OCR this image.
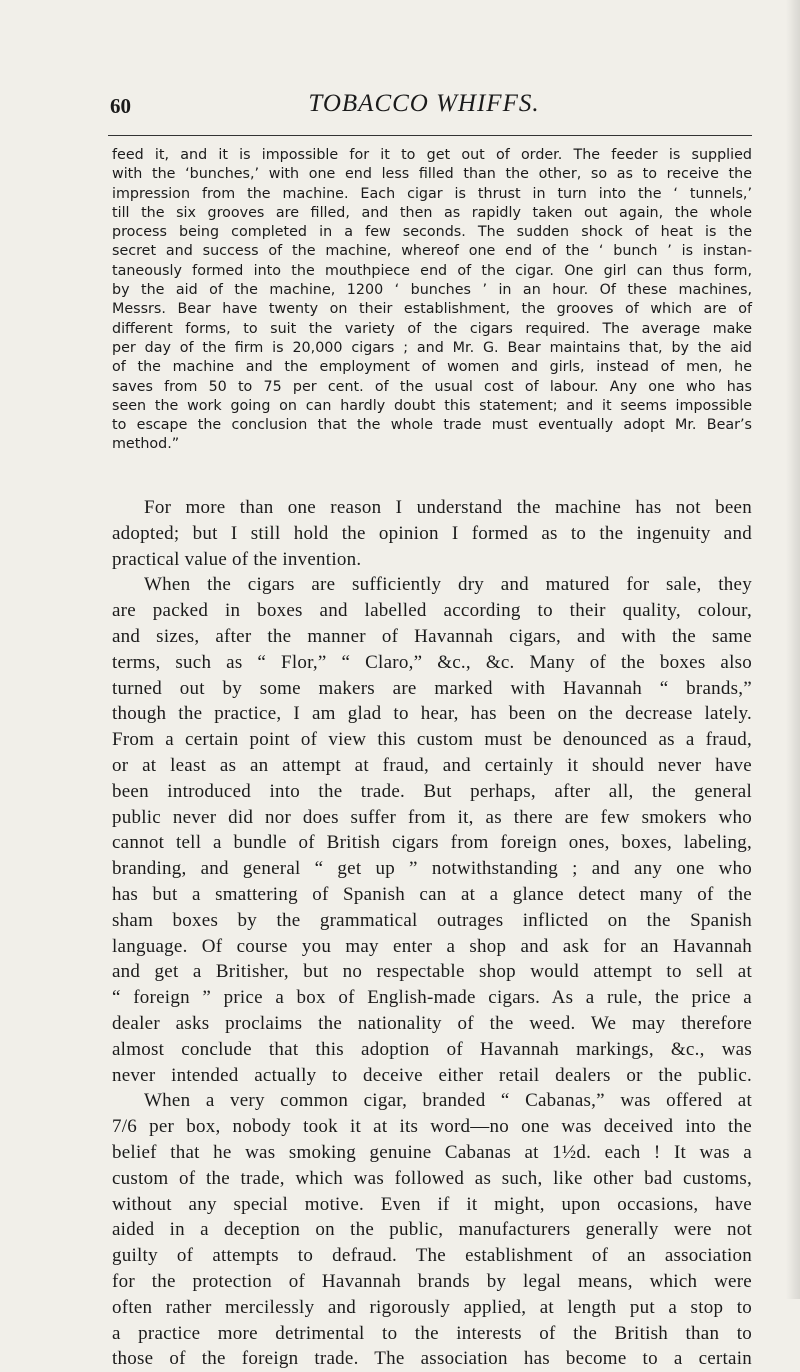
60	TOBACCO WHIFFS.
feed it, and it is impossible for it to get out of order. The feeder is supplied
with the ‘bunches,’ with one end less filled than the other, so as to receive the
impression from the machine. Each cigar is thrust in turn into the ‘ tunnels,’
till the six grooves are filled, and then as rapidly taken out again, the whole
process being completed in a few seconds. The sudden shock of heat is the
secret and success of the machine, whereof one end of the ‘ bunch ’ is instan-
taneously formed into the mouthpiece end of the cigar. One girl can thus form,
by the aid of the machine, 1200 ‘ bunches ’ in an hour. Of these machines,
Messrs. Bear have twenty on their establishment, the grooves of which are of
different forms, to suit the variety of the cigars required. The average make
per day of the firm is 20,000 cigars ; and Mr. G. Bear maintains that, by the aid
of the machine and the employment of women and girls, instead of men, he
saves from 50 to 75 per cent. of the usual cost of labour. Any one who has
seen the work going on can hardly doubt this statement; and it seems impossible
to escape the conclusion that the whole trade must eventually adopt Mr. Bear’s
method.”
For more than one reason I understand the machine has not been
adopted; but I still hold the opinion I formed as to the ingenuity and
practical value of the invention.
When the cigars are sufficiently dry and matured for sale, they
are packed in boxes and labelled according to their quality, colour,
and sizes, after the manner of Havannah cigars, and with the same
terms, such as “ Flor,” “ Claro,” &c., &c. Many of the boxes also
turned out by some makers are marked with Havannah “ brands,”
though the practice, I am glad to hear, has been on the decrease lately.
From a certain point of view this custom must be denounced as a fraud,
or at least as an attempt at fraud, and certainly it should never have
been introduced into the trade. But perhaps, after all, the general
public never did nor does suffer from it, as there are few smokers who
cannot tell a bundle of British cigars from foreign ones, boxes, labeling,
branding, and general “ get up ” notwithstanding ; and any one who
has but a smattering of Spanish can at a glance detect many of the
sham boxes by the grammatical outrages inflicted on the Spanish
language. Of course you may enter a shop and ask for an Havannah
and get a Britisher, but no respectable shop would attempt to sell at
“ foreign ” price a box of English-made cigars. As a rule, the price a
dealer asks proclaims the nationality of the weed. We may therefore
almost conclude that this adoption of Havannah markings, &c., was
never intended actually to deceive either retail dealers or the public.
When a very common cigar, branded “ Cabanas,” was offered at
7/6 per box, nobody took it at its word—no one was deceived into the
belief that he was smoking genuine Cabanas at 1½d. each ! It was a
custom of the trade, which was followed as such, like other bad customs,
without any special motive. Even if it might, upon occasions, have
aided in a deception on the public, manufacturers generally were not
guilty of attempts to defraud. The establishment of an association
for the protection of Havannah brands by legal means, which were
often rather mercilessly and rigorously applied, at length put a stop to
a practice more detrimental to the interests of the British than to
those of the foreign trade. The association has become to a certain
